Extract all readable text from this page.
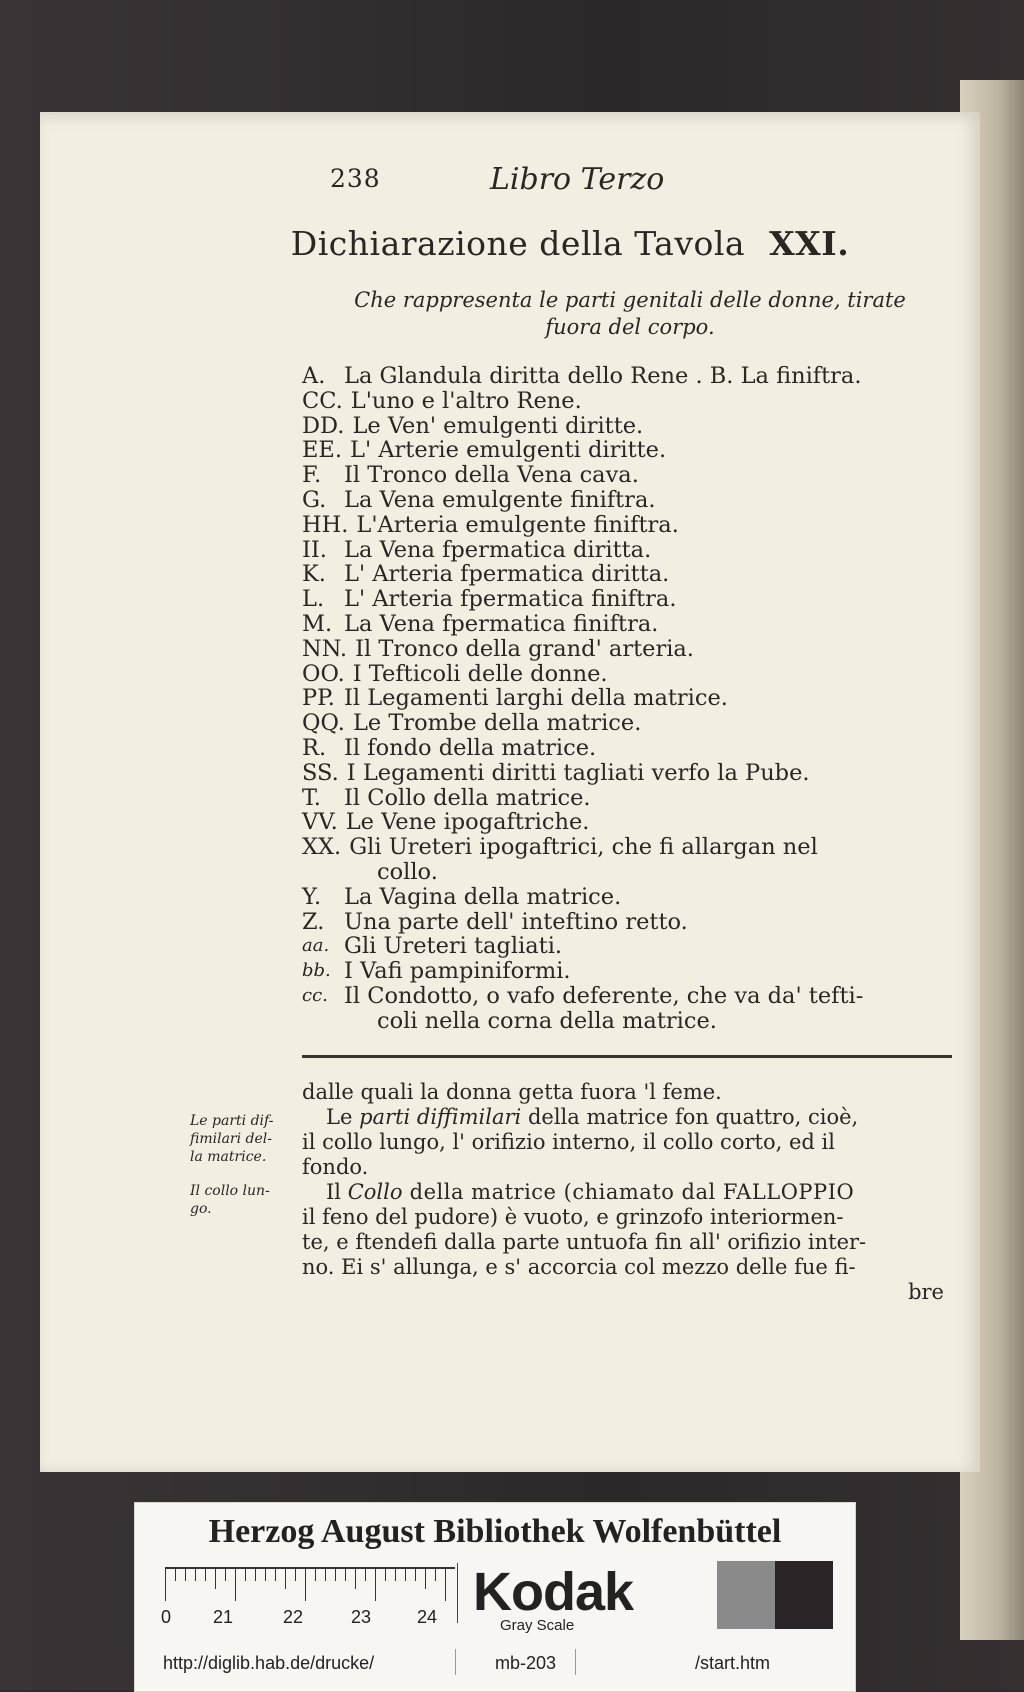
238	Libro Terzo
Dichiarazione della Tavola XXI.
Che rappresenta le parti genitali delle donne, tirate
fuora del corpo.
A. La Glandula diritta dello Rene . B. La finiftra.
CC. L'uno e l'altro Rene.
DD. Le Ven' emulgenti diritte.
EE. L' Arterie emulgenti diritte.
F.	Il Tronco della Vena cava.
G. La Vena emulgente finiftra.
HH. L'Arteria emulgente finiftra.
II. La Vena fpermatica diritta.
K. L' Arteria fpermatica diritta.
L. L' Arteria fpermatica finiftra.
M. La Vena fpermatica finiftra.
NN. Il Tronco della grand' arteria.
OO. I Tefticoli delle donne.
PP. Il Legamenti larghi della matrice.
QQ. Le Trombe della matrice.
R. Il fondo della matrice.
SS. I Legamenti diritti tagliati verfo la Pube.
T.	Il Collo della matrice.
VV. Le Vene ipogaftriche.
XX. Gli Ureteri ipogaftrici, che fi allargan nel
collo.
Y.	La Vagina della matrice.
Z. Una parte dell' inteftino retto.
aa. Gli Ureteri tagliati.
bb. I Vafi pampiniformi.
cc. Il Condotto, o vafo deferente, che va da' tefti-
coli nella corna della matrice.

dalle quali la donna getta fuora 'l feme.

Le parti diffimilari della matrice fon quattro, cioè,

il collo lungo, l' orifizio interno, il collo corto, ed il

fondo.

Il Collo della matrice (chiamato dal FALLOPPIO

il feno del pudore) è vuoto, e grinzofo interiormen-

te, e ftendefi dalla parte untuofa fin all' orifizio inter-

no. Ei s' allunga, e s' accorcia col mezzo delle fue fi-

bre

Le parti dif-
fimilari del-
la matrice.
Il collo lun-
go.
Herzog August Bibliothek Wolfenbüttel
0 21	22	23	24 Kodak
Gray Scale
http://diglib.hab.de/drucke/	mb-203	/start.htm
